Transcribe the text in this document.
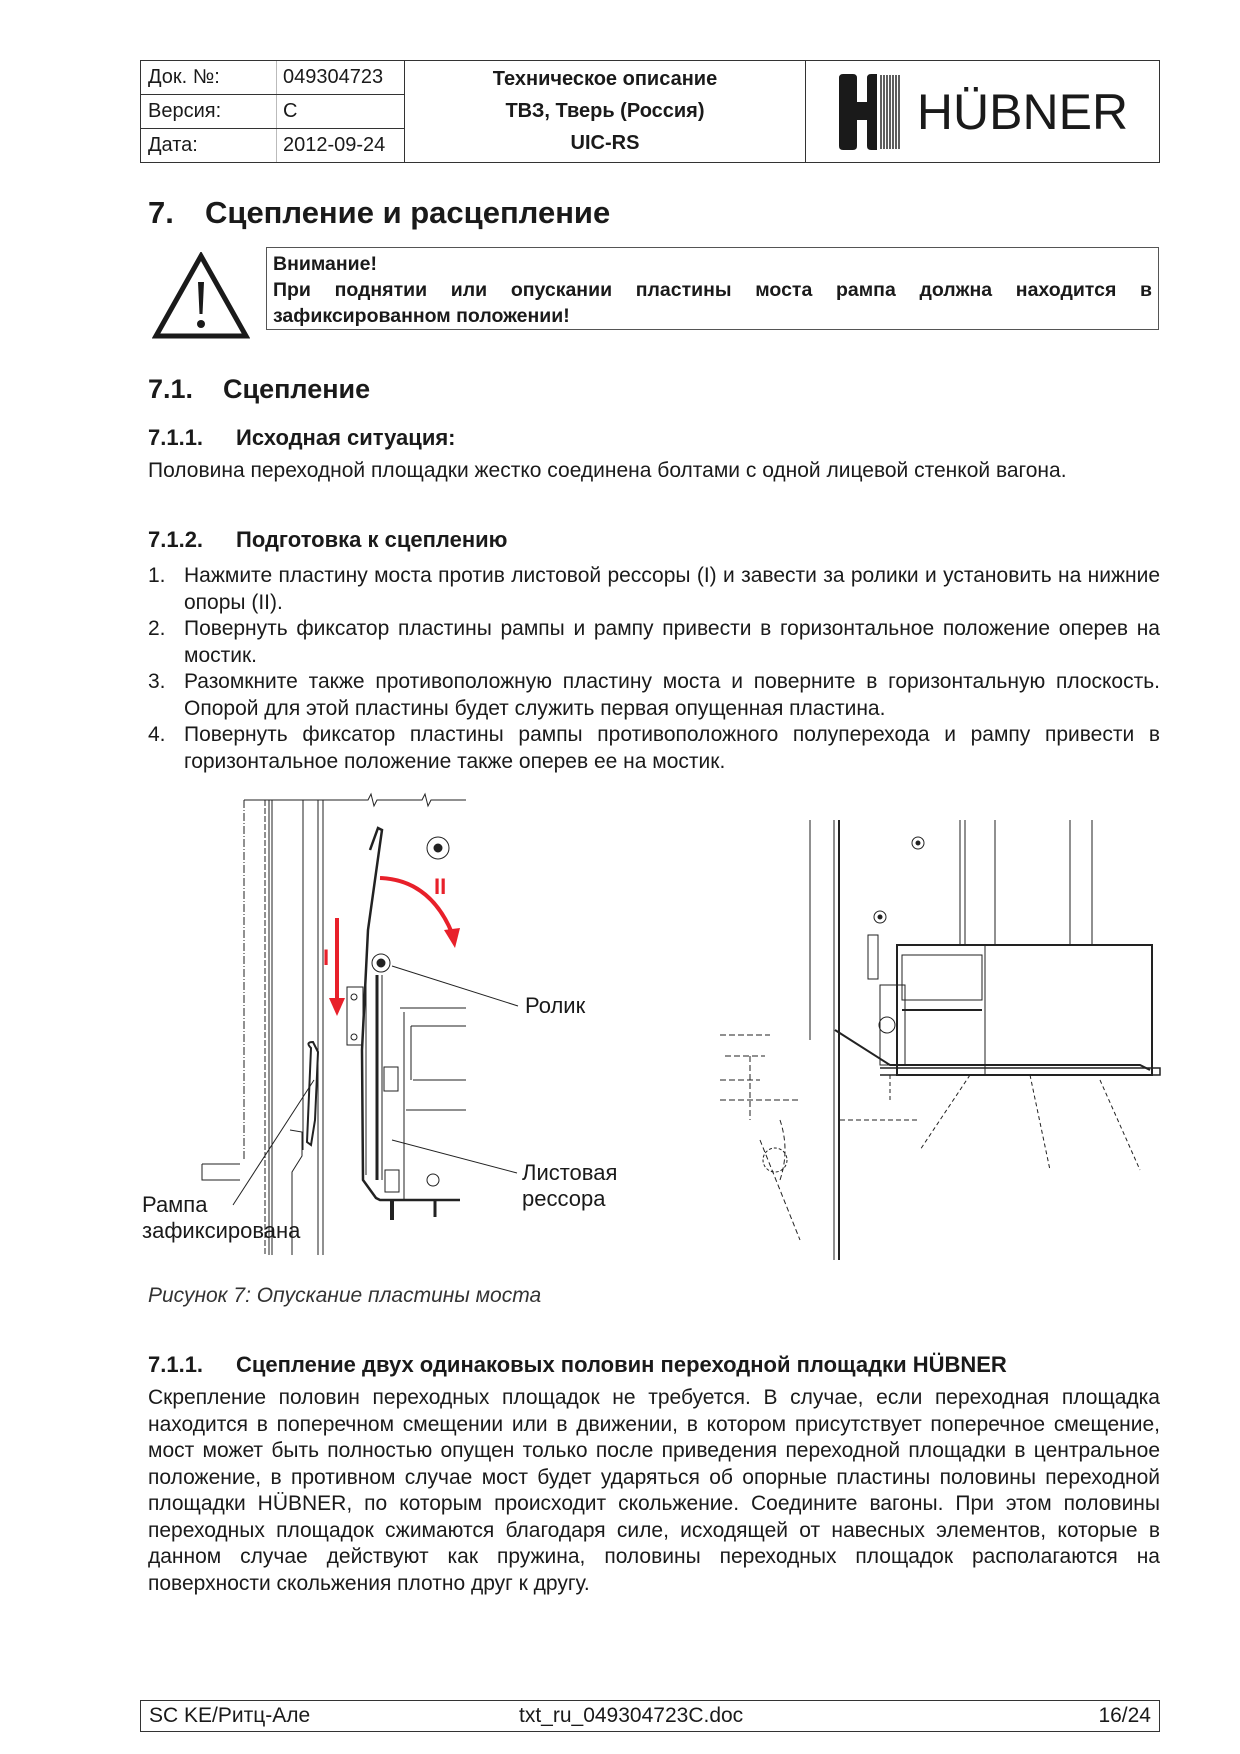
Док. №:	049304723
Версия:	C
Дата:	2012-09-24
Техническое описание
ТВЗ, Тверь (Россия)
UIC-RS
HÜBNER
7. Сцепление и расцепление
Внимание!
При поднятии или опускании пластины моста рампа должна находится в зафиксированном положении!
7.1. Сцепление
7.1.1. Исходная ситуация:
Половина переходной площадки жестко соединена болтами с одной лицевой стенкой вагона.
7.1.2. Подготовка к сцеплению
1. Нажмите пластину моста против листовой рессоры (I) и завести за ролики и установить на нижние опоры (II).
2. Повернуть фиксатор пластины рампы и рампу привести в горизонтальное положение оперев на мостик.
3. Разомкните также противоположную пластину моста и поверните в горизонтальную плоскость. Опорой для этой пластины будет служить первая опущенная пластина.
4. Повернуть фиксатор пластины рампы противоположного полуперехода и рампу привести в горизонтальное положение также оперев ее на мостик.
I
II
Ролик
Листовая
рессора
Рампа
зафиксирована
Рисунок 7: Опускание пластины моста
7.1.1. Сцепление двух одинаковых половин переходной площадки HÜBNER
Скрепление половин переходных площадок не требуется. В случае, если переходная площадка находится в поперечном смещении или в движении, в котором присутствует поперечное смещение, мост может быть полностью опущен только после приведения переходной площадки в центральное положение, в противном случае мост будет ударяться об опорные пластины половины переходной площадки HÜBNER, по которым происходит скольжение. Соедините вагоны. При этом половины переходных площадок сжимаются благодаря силе, исходящей от навесных элементов, которые в данном случае действуют как пружина, половины переходных площадок располагаются на поверхности скольжения плотно друг к другу.
SC KE/Ритц-Але	txt_ru_049304723C.doc	16/24
